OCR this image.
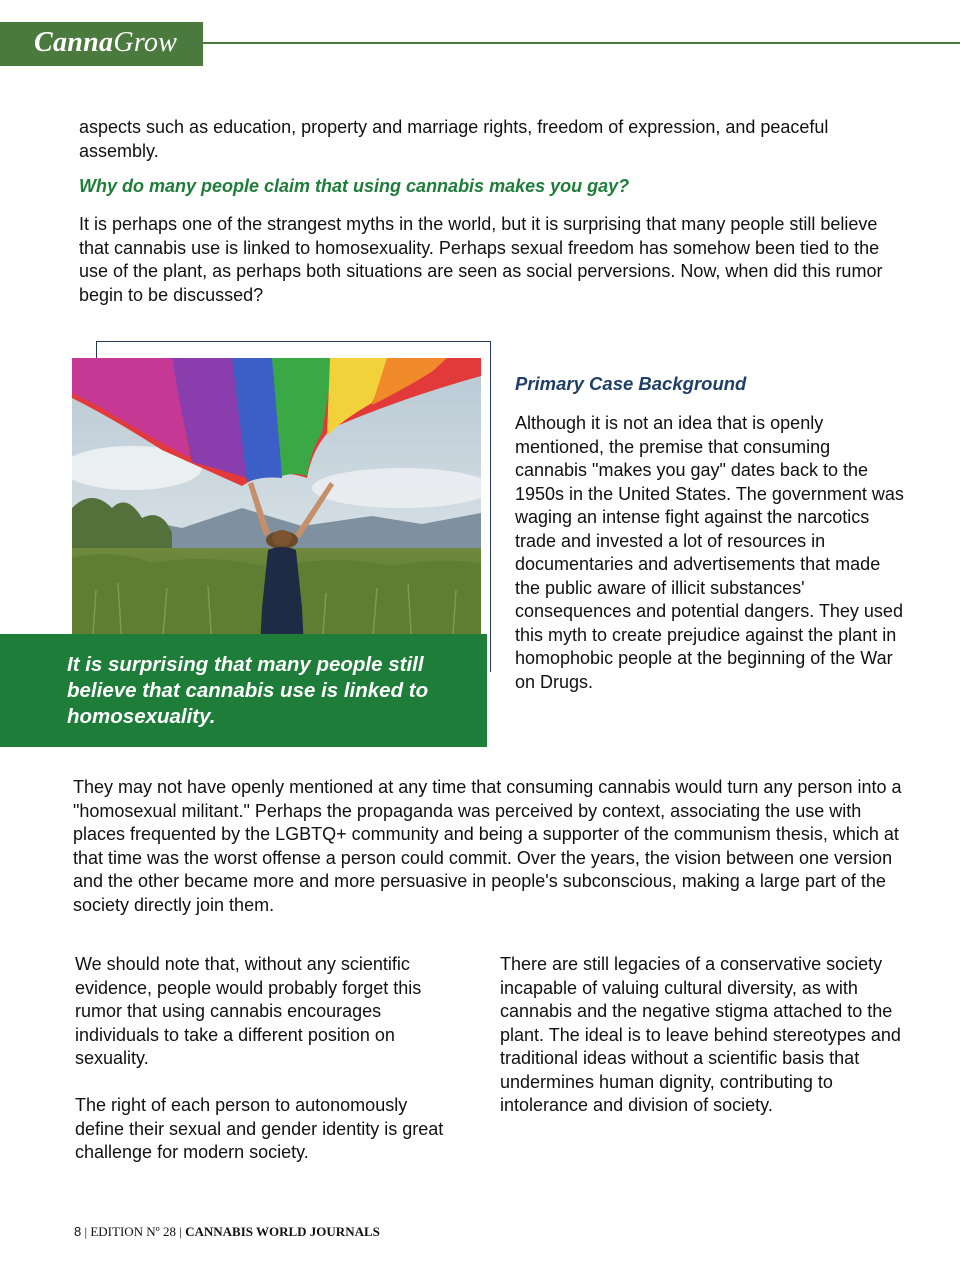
CannaGrow

aspects such as education, property and marriage rights, freedom of expression, and peaceful assembly.

Why do many people claim that using cannabis makes you gay?

It is perhaps one of the strangest myths in the world, but it is surprising that many people still believe that cannabis use is linked to homosexuality. Perhaps sexual freedom has somehow been tied to the use of the plant, as perhaps both situations are seen as social perversions. Now, when did this rumor begin to be discussed?

It is surprising that many people still believe that cannabis use is linked to homosexuality.

Primary Case Background

Although it is not an idea that is openly mentioned, the premise that consuming cannabis "makes you gay" dates back to the 1950s in the United States. The government was waging an intense fight against the narcotics trade and invested a lot of resources in documentaries and advertisements that made the public aware of illicit substances' consequences and potential dangers. They used this myth to create prejudice against the plant in homophobic people at the beginning of the War on Drugs.

They may not have openly mentioned at any time that consuming cannabis would turn any person into a "homosexual militant." Perhaps the propaganda was perceived by context, associating the use with places frequented by the LGBTQ+ community and being a supporter of the communism thesis, which at that time was the worst offense a person could commit. Over the years, the vision between one version and the other became more and more persuasive in people's subconscious, making a large part of the society directly join them.

We should note that, without any scientific evidence, people would probably forget this rumor that using cannabis encourages individuals to take a different position on sexuality.

The right of each person to autonomously define their sexual and gender identity is great challenge for modern society.

There are still legacies of a conservative society incapable of valuing cultural diversity, as with cannabis and the negative stigma attached to the plant. The ideal is to leave behind stereotypes and traditional ideas without a scientific basis that undermines human dignity, contributing to intolerance and division of society.

8 | EDITION Nº 28 | CANNABIS WORLD JOURNALS
